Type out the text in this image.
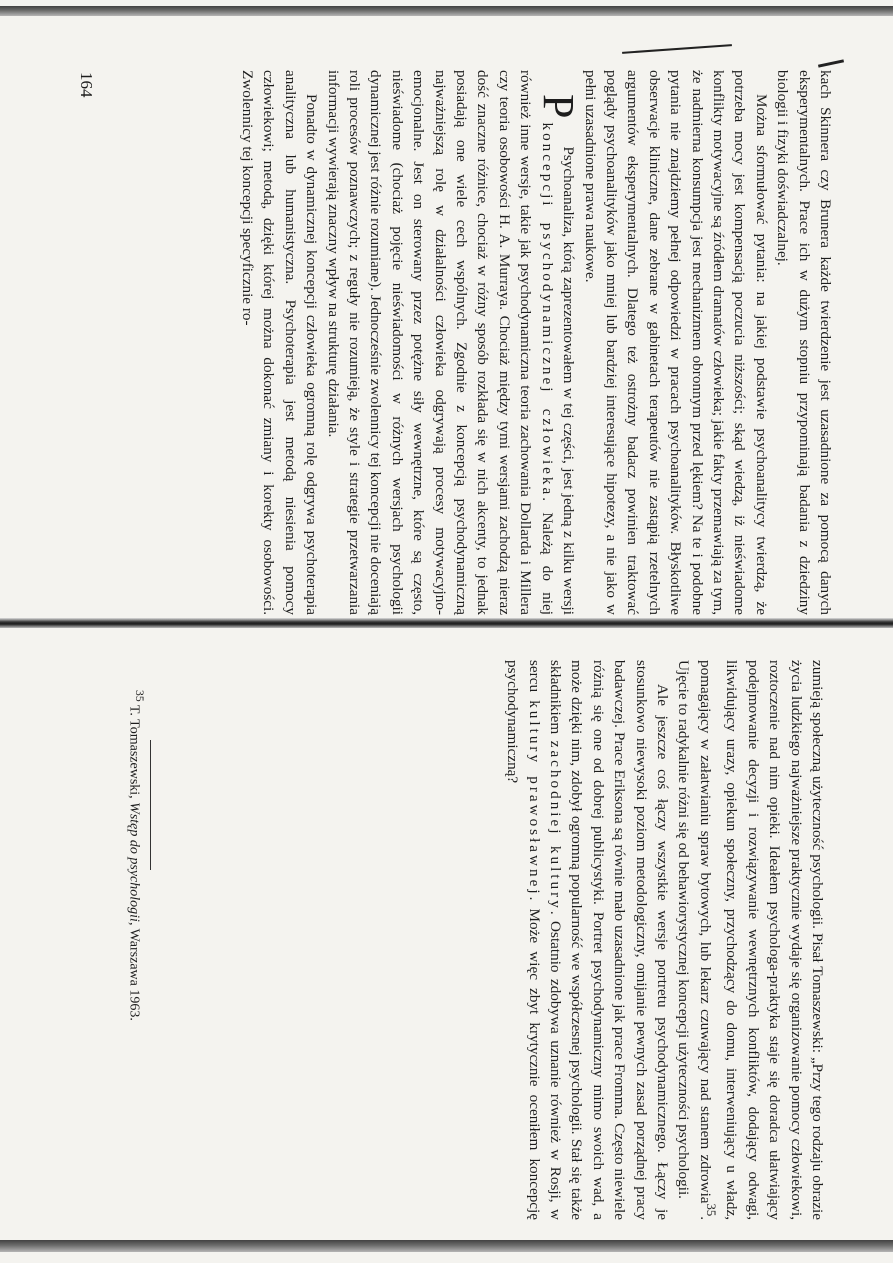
164	kach Skinnera czy Brunera każde twierdzenie jest uzasadnione za pomocą danych eksperymentalnych. Prace ich w dużym stopniu przypominają badania z dziedziny biologii i fizyki doświadczalnej.

Można sformułować pytania: na jakiej podstawie psychoanalitycy twierdzą, że potrzeba mocy jest kompensacją poczucia niższości; skąd wiedzą, iż nieświadome konflikty motywacyjne są źródłem dramatów człowieka; jakie fakty przemawiają za tym, że nadmierna konsumpcja jest mechanizmem obronnym przed lękiem? Na te i podobne pytania nie znajdziemy pełnej odpowiedzi w pracach psychoanalityków. Błyskotliwe obserwacje kliniczne, dane zebrane w gabinetach terapeutów nie zastąpią rzetelnych argumentów eksperymentalnych. Dlatego też ostrożny badacz powinien traktować poglądy psychoanalityków jako mniej lub bardziej interesujące hipotezy, a nie jako w pełni uzasadnione prawa naukowe.

P
Psychoanaliza, którą zaprezentowałem w tej części, jest jedną z kilku wersji koncepcji psychodynamicznej człowieka. Należą do niej również inne wersje, takie jak psychodynamiczna teoria zachowania Dollarda i Millera czy teoria osobowości H. A. Murraya. Chociaż między tymi wersjami zachodzą nieraz dość znaczne różnice, chociaż w różny sposób rozkłada się w nich akcenty, to jednak posiadają one wiele cech wspólnych. Zgodnie z koncepcją psychodynamiczną najważniejszą rolę w działalności człowieka odgrywają procesy motywacyjno-emocjonalne. Jest on sterowany przez potężne siły wewnętrzne, które są często, nieświadome (chociaż pojęcie nieświadomości w różnych wersjach psychologii dynamicznej jest różnie rozumiane). Jednocześnie zwolennicy tej koncepcji nie doceniają roli procesów poznawczych; z reguły nie rozumieją, że style i strategie przetwarzania informacji wywierają znaczny wpływ na strukturę działania.

Ponadto w dynamicznej koncepcji człowieka ogromną rolę odgrywa psychoterapia analityczna lub humanistyczna. Psychoterapia jest metodą niesienia pomocy człowiekowi; metodą, dzięki której można dokonać zmiany i korekty osobowości. Zwolennicy tej koncepcji specyficznie ro-

zumieją społeczną użyteczność psychologii. Pisał Tomaszewski: „Przy tego rodzaju obrazie życia ludzkiego najważniejsze praktycznie wydaje się organizowanie pomocy człowiekowi, roztoczenie nad nim opieki. Ideałem psychologa-praktyka staje się doradca ułatwiający podejmowanie decyzji i rozwiązywanie wewnętrznych konfliktów, dodający odwagi, likwidujący urazy, opiekun społeczny, przychodzący do domu, interweniujący u władz, pomagający w załatwianiu spraw bytowych, lub lekarz czuwający nad stanem zdrowia$^{35}$. Ujęcie to radykalnie różni się od behawiorystycznej koncepcji użyteczności psychologii.

Ale jeszcze coś łączy wszystkie wersje portretu psychodynamicznego. Łączy je stosunkowo niewysoki poziom metodologiczny, omijanie pewnych zasad porządnej pracy badawczej. Prace Eriksona są równie mało uzasadnione jak prace Fromma. Często niewiele różnią się one od dobrej publicystyki. Portret psychodynamiczny mimo swoich wad, a może dzięki nim, zdobył ogromną popularność we współczesnej psychologii. Stał się także składnikiem zachodniej kultury. Ostatnio zdobywa uznanie również w Rosji, w sercu kultury prawosławnej. Może więc zbyt krytycznie oceniłem koncepcję psychodynamiczną?

$^{35}$ T. Tomaszewski, Wstęp do psychologii, Warszawa 1963.
